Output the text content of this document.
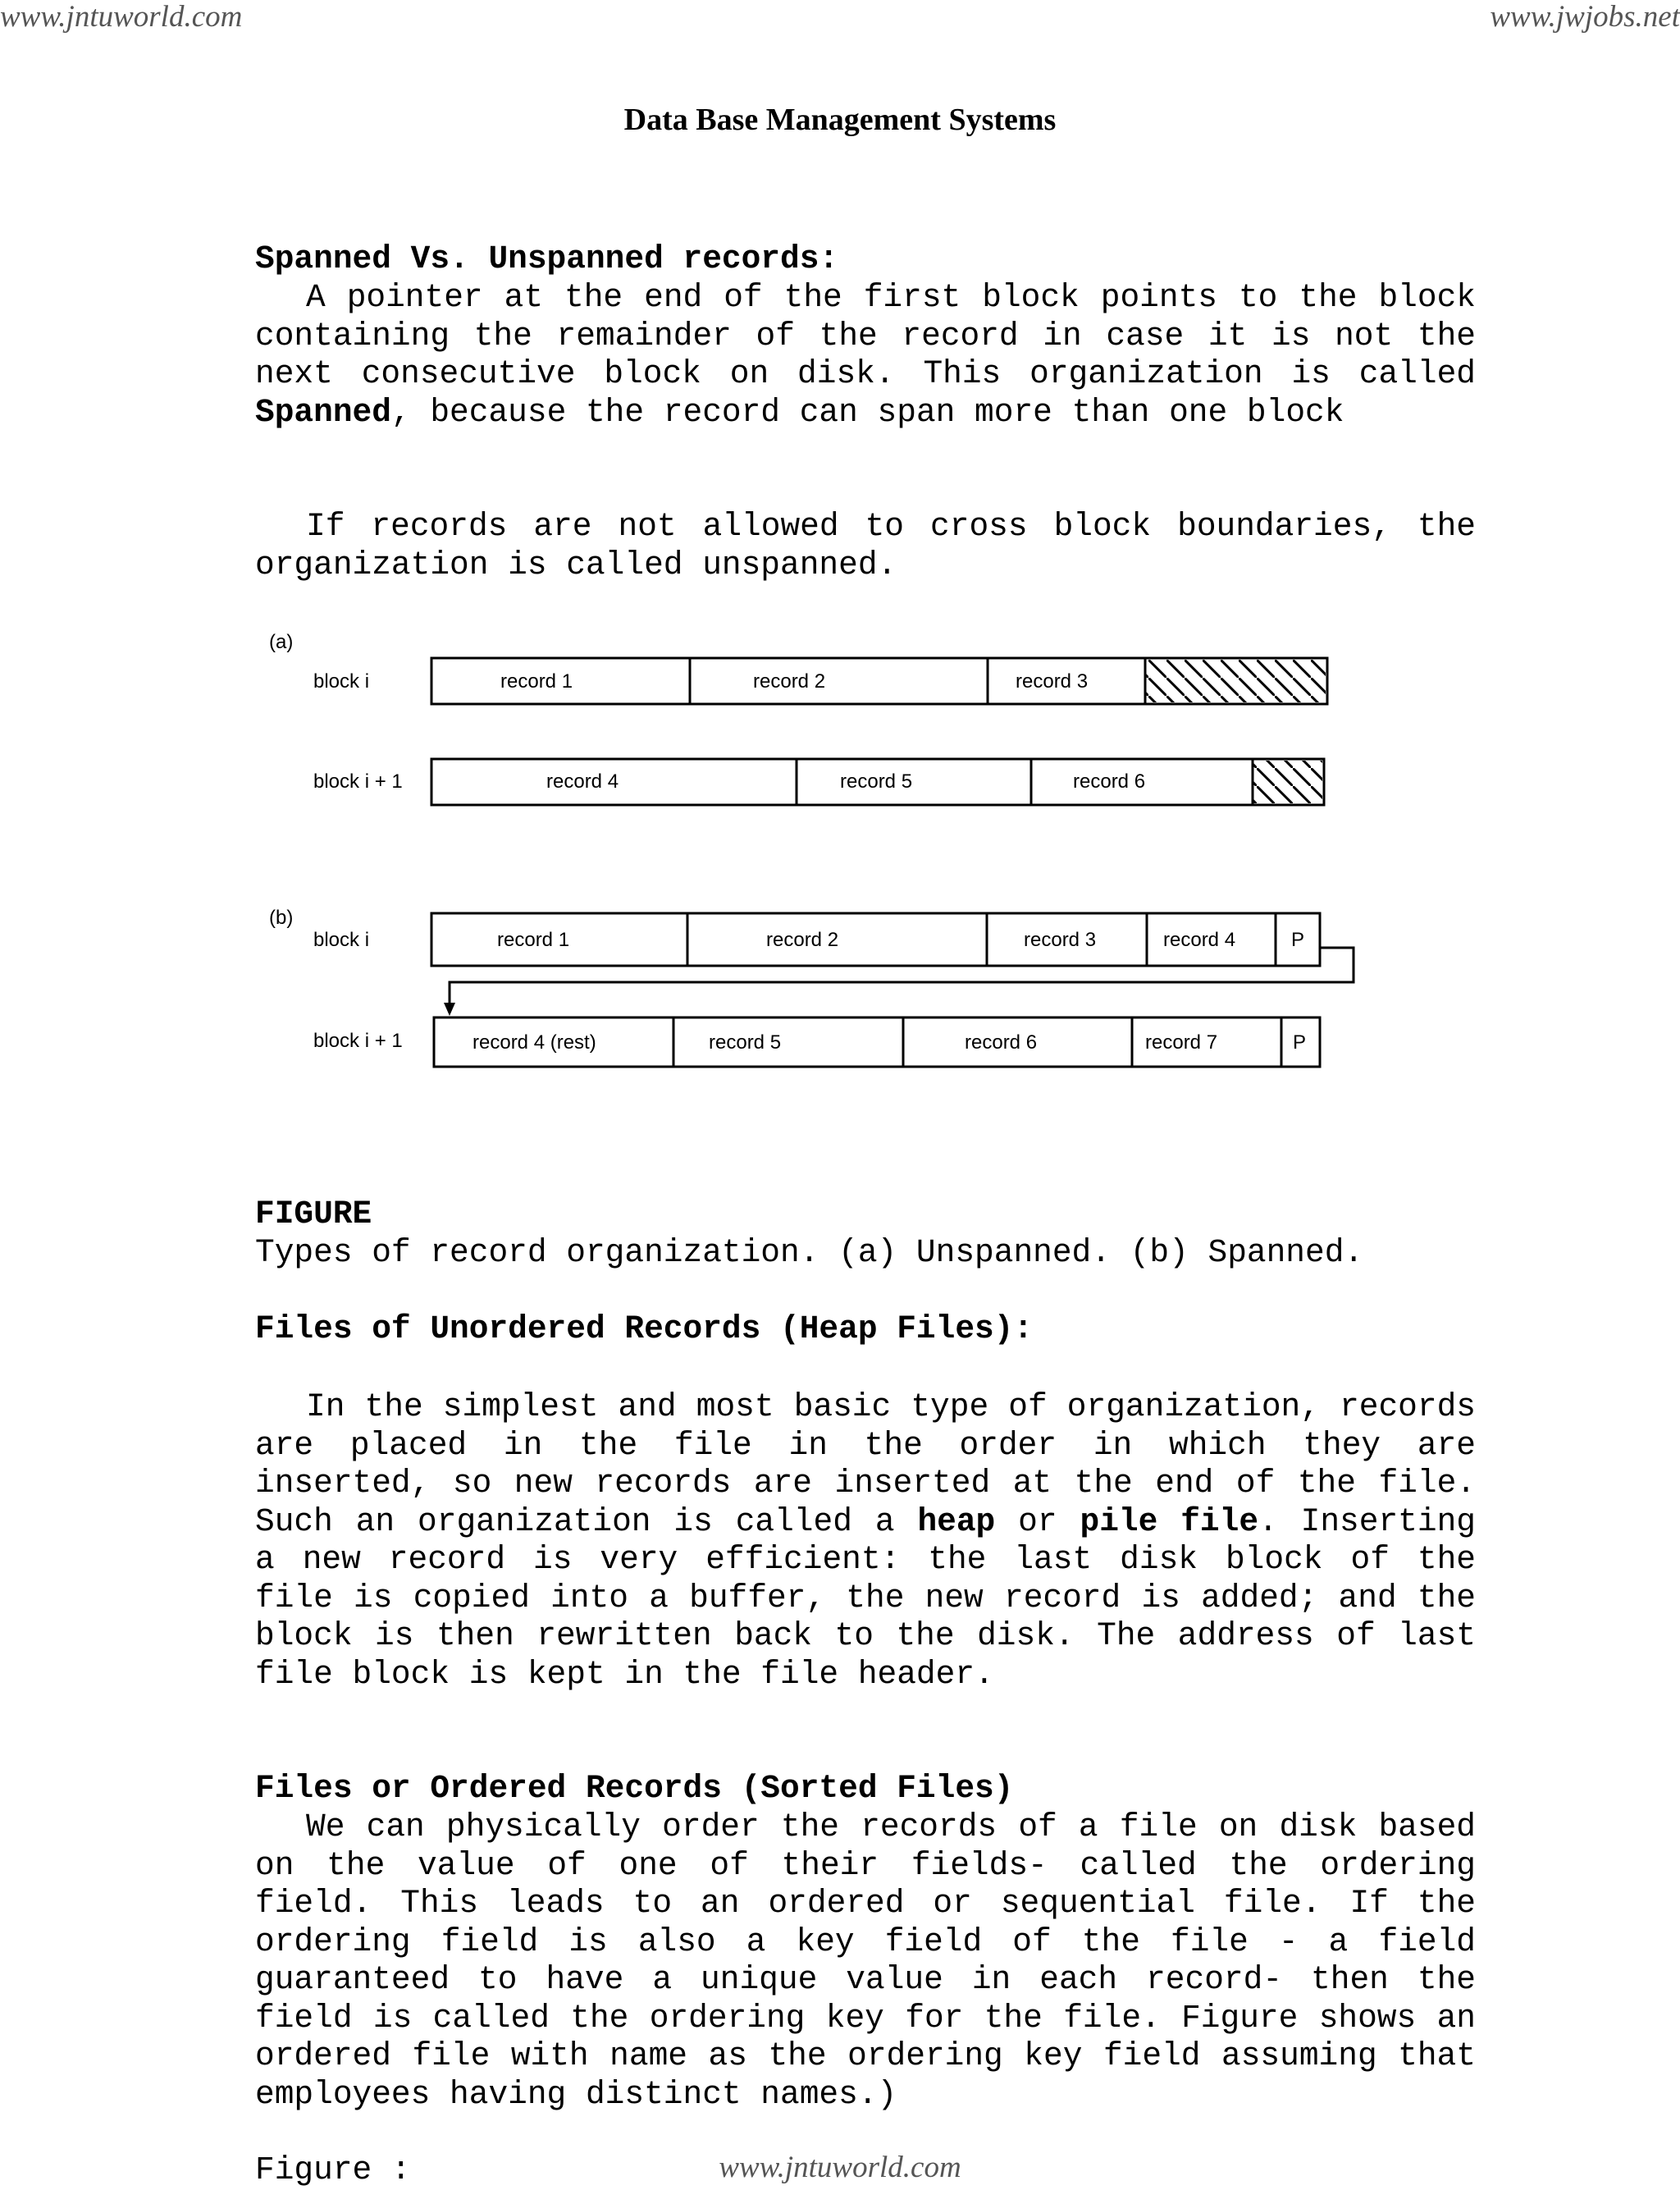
www.jntuworld.com	www.jwjobs.net
Data Base Management Systems
Spanned Vs. Unspanned records:

A pointer at the end of the first block points to the block containing the remainder of the record in case it is not the next consecutive block on disk. This organization is called Spanned, because the record can span more than one block

If records are not allowed to cross block boundaries, the organization is called unspanned.

(a)
block i	record 1	record 2	record 3
block i + 1	record 4	record 5	record 6
(b)
block i	record 1	record 2	record 3	record 4	P
block i + 1	record 4 (rest)	record 5	record 6	record 7	P
FIGURE
Types of record organization. (a) Unspanned. (b) Spanned.
Files of Unordered Records (Heap Files):

In the simplest and most basic type of organization, records are placed in the file in the order in which they are inserted, so new records are inserted at the end of the file. Such an organization is called a heap or pile file. Inserting a new record is very efficient: the last disk block of the file is copied into a buffer, the new record is added; and the block is then rewritten back to the disk. The address of last file block is kept in the file header.

Files or Ordered Records (Sorted Files)

We can physically order the records of a file on disk based on the value of one of their fields- called the ordering field. This leads to an ordered or sequential file. If the ordering field is also a key field of the file - a field guaranteed to have a unique value in each record- then the field is called the ordering key for the file. Figure shows an ordered file with name as the ordering key field assuming that employees having distinct names.)

Figure :	www.jntuworld.com
